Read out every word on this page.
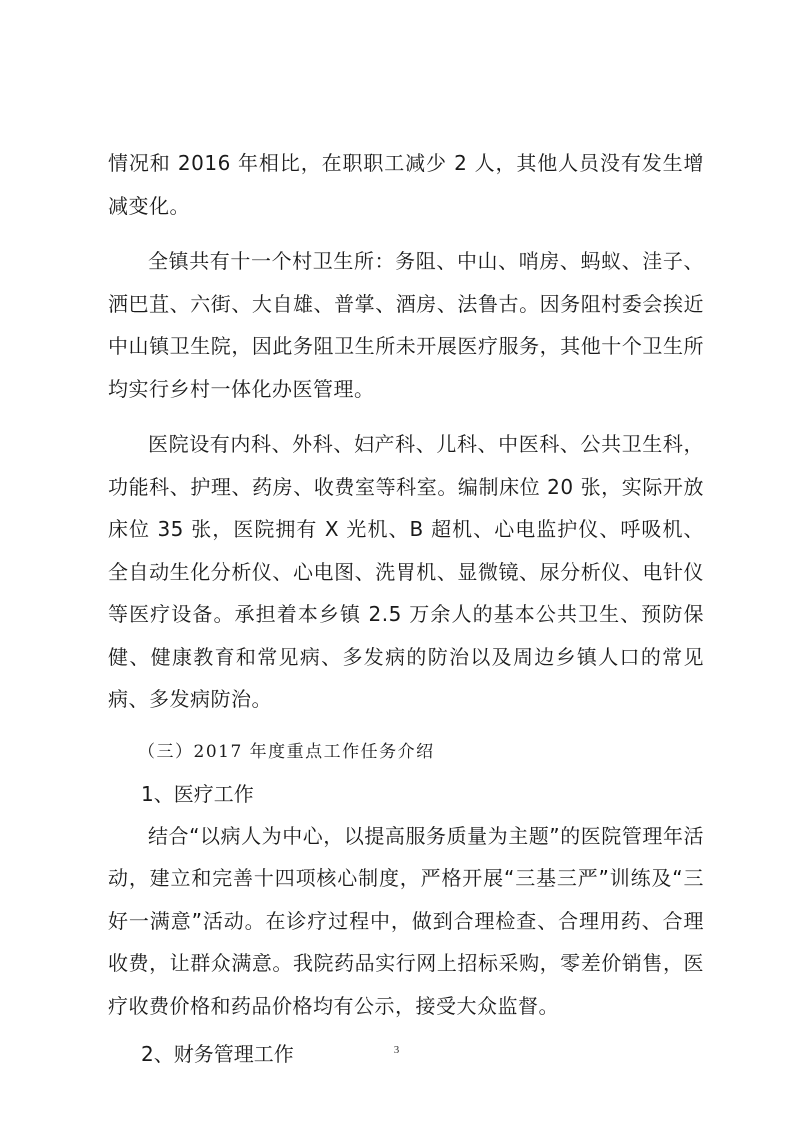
情况和 2016 年相比，在职职工减少 2 人，其他人员没有发生增减变化。

全镇共有十一个村卫生所：务阻、中山、哨房、蚂蚁、洼子、洒巴苴、六街、大自雄、普掌、酒房、法鲁古。因务阻村委会挨近中山镇卫生院，因此务阻卫生所未开展医疗服务，其他十个卫生所均实行乡村一体化办医管理。

医院设有内科、外科、妇产科、儿科、中医科、公共卫生科，功能科、护理、药房、收费室等科室。编制床位 20 张，实际开放床位 35 张，医院拥有 X 光机、B 超机、心电监护仪、呼吸机、全自动生化分析仪、心电图、洗胃机、显微镜、尿分析仪、电针仪等医疗设备。承担着本乡镇 2.5 万余人的基本公共卫生、预防保健、健康教育和常见病、多发病的防治以及周边乡镇人口的常见病、多发病防治。

（三）2017 年度重点工作任务介绍

1、医疗工作

结合“以病人为中心，以提高服务质量为主题”的医院管理年活动，建立和完善十四项核心制度，严格开展“三基三严”训练及“三好一满意”活动。在诊疗过程中，做到合理检查、合理用药、合理收费，让群众满意。我院药品实行网上招标采购，零差价销售，医疗收费价格和药品价格均有公示，接受大众监督。

2、财务管理工作	3
